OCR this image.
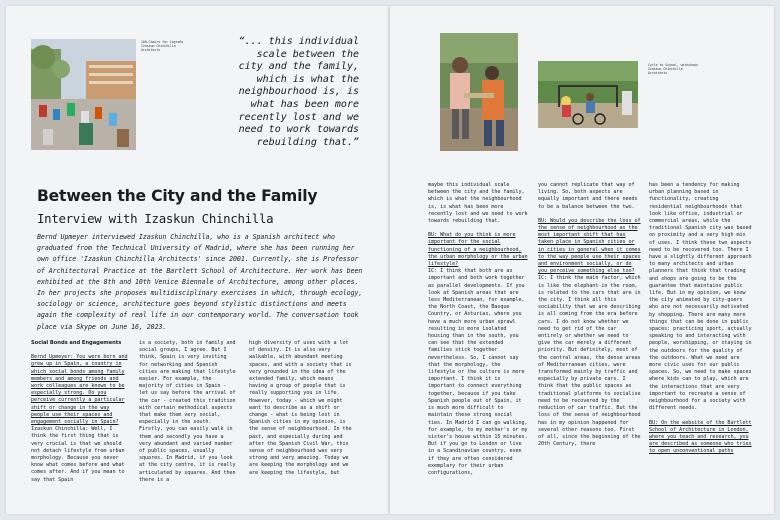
100-Chairs for Logroño
Izaskun Chinchilla
Architects
“... this individual scale between the city and the family, which is what the neighbourhood is, is what has been more recently lost and we need to work towards rebuilding that.”
Between the City and the Family
Interview with Izaskun Chinchilla
Bernd Upmeyer interviewed Izaskun Chinchilla, who is a Spanish architect who graduated from the Technical University of Madrid, where she has been running her own office 'Izaskun Chinchilla Architects' since 2001. Currently, she is Professor of Architectural Practice at the Bartlett School of Architecture. Her work has been exhibited at the 8th and 10th Venice Biennale of Architecture, among other places. In her projects she proposes multidisciplinary exercises in which, through ecology, sociology or science, architecture goes beyond stylistic distinctions and meets again the complexity of real life in our contemporary world. The conversation took place via Skype on June 16, 2023.

Social Bonds and Engagements

Bernd Upmeyer: You were born and grew up in Spain, a country in which social bonds among family members and among friends and work colleagues are known to be especially strong. Do you perceive currently a particular shift or change in the way people use their spaces and engagement socially in Spain?

Izaskun Chinchilla: Well, I think the first thing that is very crucial is that we should not detach lifestyle from urban morphology. Because you never know what comes before and what comes after. And if you mean to say that Spain

is a society, both in family and social groups, I agree. But I think, Spain is very inviting for networking and Spanish cities are making that lifestyle easier. For example, the majority of cities in Spain - let us say before the arrival of the car - created this tradition with certain methodical aspects that make them very social, especially in the south. Firstly, you can easily walk in them and secondly you have a very abundant and varied number of public spaces, usually squares. In Madrid, if you look at the city centre, it is really articulated by squares. And then there is a

high diversity of uses with a lot of density. It is also very walkable, with abundant meeting spaces, and with a society that is very grounded in the idea of the extended family, which means having a group of people that is really supporting you in life. However, today - which we might want to describe as a shift or change - what is being lost in Spanish cities in my opinion, is the sense of neighbourhood. In the past, and especially during and after the Spanish Civil War, this sense of neighbourhood was very strong and very amazing. Today we are keeping the morphology and we are keeping the lifestyle, but

Cycle to School, workshops
Izaskun Chinchilla
Architects

maybe this individual scale between the city and the family, which is what the neighbourhood is, is what has been more recently lost and we need to work towards rebuilding that.

BU: What do you think is more important for the social functioning of a neighbourhood, the urban morphology or the urban lifestyle?

IC: I think that both are as important and both work together as parallel developments. If you look at Spanish areas that are less Mediterranean, for example, the North Coast, the Basque Country, or Asturias, where you have a much more urban sprawl resulting in more isolated housing than in the south, you can see that the extended families stick together nevertheless. So, I cannot say that the morphology, the lifestyle or the culture is more important. I think it is important to connect everything together, because if you take Spanish people out of Spain, it is much more difficult to maintain these strong social ties. In Madrid I can go walking, for example, to my mother's or my sister's house within 15 minutes. But if you go to London or live in a Scandinavian country, even if they are often considered exemplary for their urban configurations,

you cannot replicate that way of living. So, both aspects are equally important and there needs to be a balance between the two.

BU: Would you describe the loss of the sense of neighbourhood as the most important shift that has taken place in Spanish cities or in cities in general when it comes to the way people use their spaces and environment socially, or do you perceive something else too?

IC: I think the main factor, which is like the elephant in the room, is related to the cars that are in the city. I think all this sociability that we are describing is all coming from the era before cars. I do not know whether we need to get rid of the car entirely or whether we need to give the car merely a different priority. But definitely, most of the central areas, the dense areas of Mediterranean cities, were transformed mainly by traffic and especially by private cars. I think that the public spaces as traditional platforms to socialise need to be recovered by the reduction of car traffic. But the loss of the sense of neighbourhood has in my opinion happened for several other reasons too. First of all, since the beginning of the 20th Century, there

has been a tendency for making urban planning based in functionality, creating residential neighbourhoods that look like office, industrial or commercial areas, while the traditional Spanish city was based on proximity and a very high mix of uses. I think these two aspects need to be recovered too. There I have a slightly different approach to many architects and urban planners that think that trading and shops are going to be the guarantee that maintains public life. But in my opinion, we know the city animated by city-goers who are not necessarily motivated by shopping. There are many more things that can be done in public spaces: practicing sport, actually speaking to and interacting with people, worshipping, or staying in the outdoors for the quality of the outdoors. What we need are more civic uses for our public spaces. So, we need to make spaces where kids can to play, which are the interactions that are very important to recreate a sense of neighbourhood for a society with different needs.

BU: On the website of the Bartlett School of Architecture in London, where you teach and research, you are described as someone who tries to open unconventional paths
